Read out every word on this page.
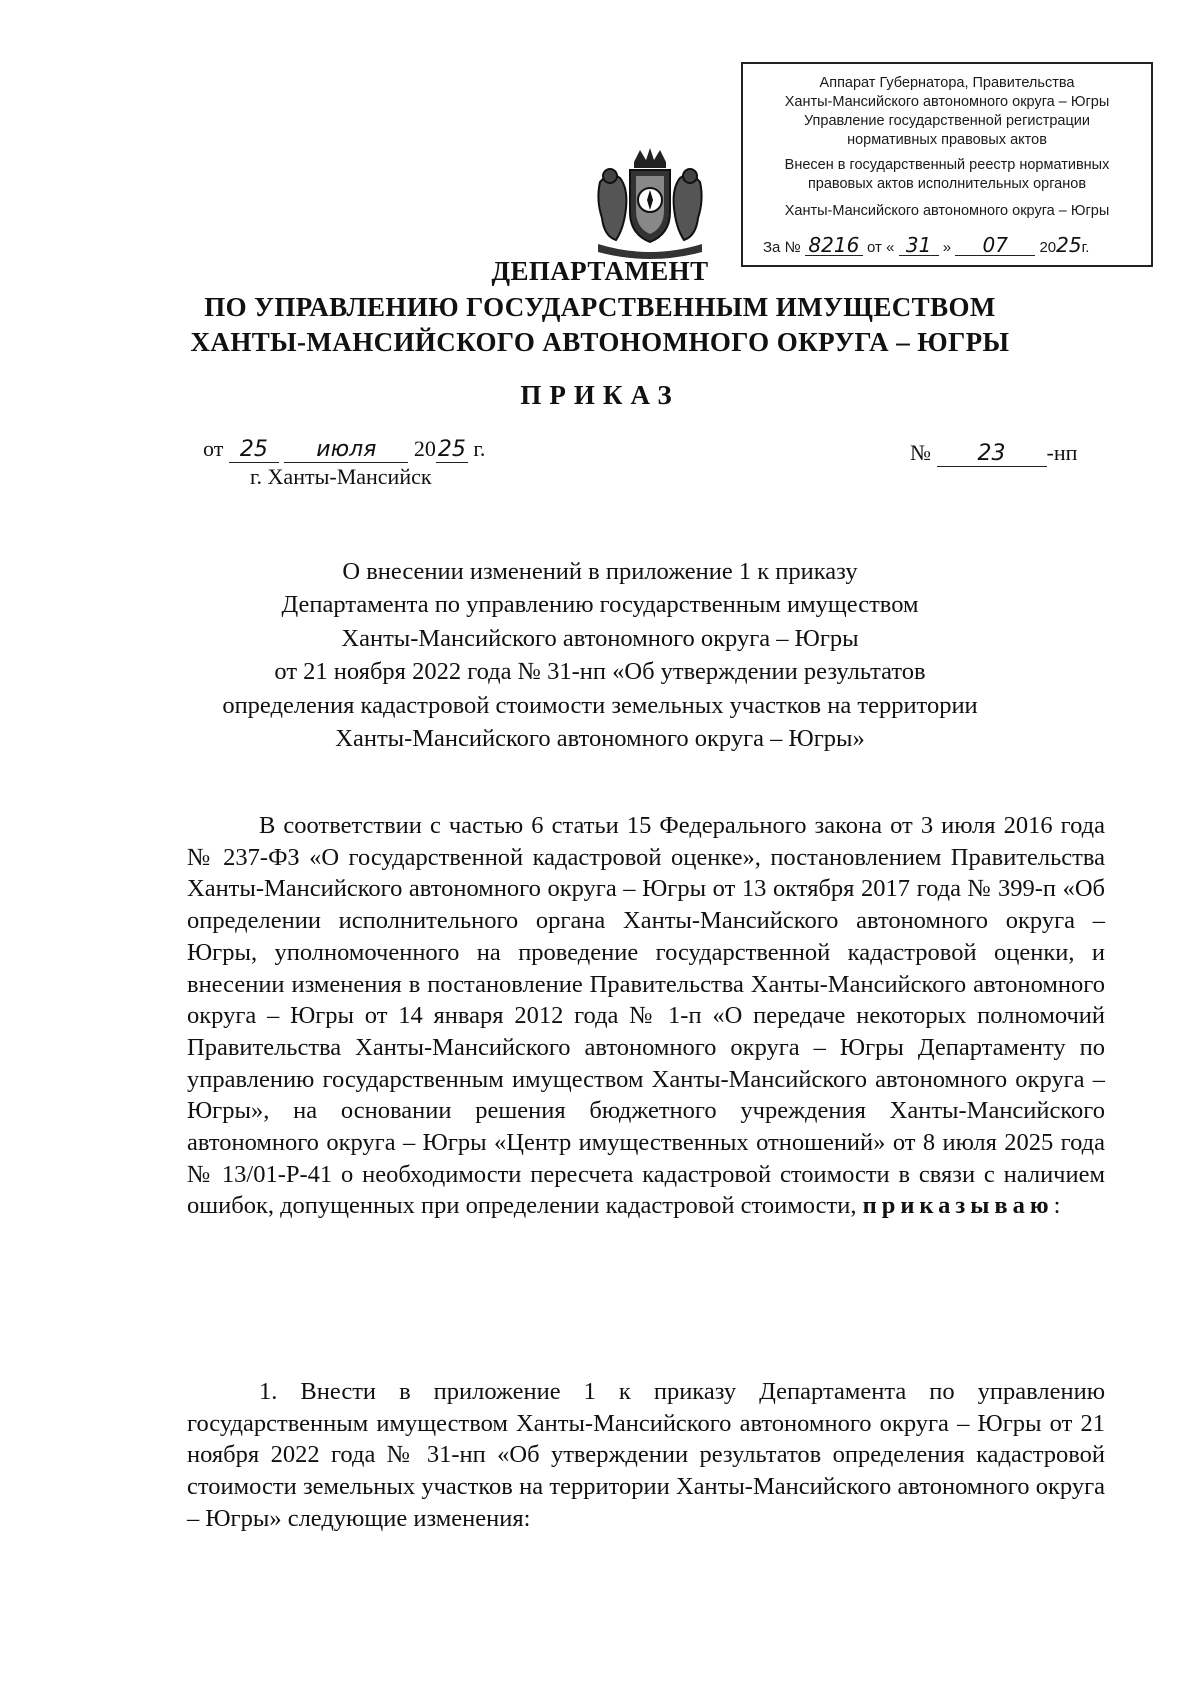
Аппарат Губернатора, Правительства
Ханты-Мансийского автономного округа – Югры
Управление государственной регистрации
нормативных правовых актов
Внесен в государственный реестр нормативных
правовых актов исполнительных органов
Ханты-Мансийского автономного округа – Югры
За № 8216 от « 31 » 07 2025г.
ДЕПАРТАМЕНТ
ПО УПРАВЛЕНИЮ ГОСУДАРСТВЕННЫМ ИМУЩЕСТВОМ
ХАНТЫ-МАНСИЙСКОГО АВТОНОМНОГО ОКРУГА – ЮГРЫ
ПРИКАЗ
от 25 июля 2025 г.
г. Ханты-Мансийск
№ 23 -нп
О внесении изменений в приложение 1 к приказу
Департамента по управлению государственным имуществом
Ханты-Мансийского автономного округа – Югры
от 21 ноября 2022 года № 31-нп «Об утверждении результатов
определения кадастровой стоимости земельных участков на территории
Ханты-Мансийского автономного округа – Югры»

В соответствии с частью 6 статьи 15 Федерального закона от 3 июля 2016 года № 237-ФЗ «О государственной кадастровой оценке», постановлением Правительства Ханты-Мансийского автономного округа – Югры от 13 октября 2017 года № 399-п «Об определении исполнительного органа Ханты-Мансийского автономного округа – Югры, уполномоченного на проведение государственной кадастровой оценки, и внесении изменения в постановление Правительства Ханты-Мансийского автономного округа – Югры от 14 января 2012 года № 1-п «О передаче некоторых полномочий Правительства Ханты-Мансийского автономного округа – Югры Департаменту по управлению государственным имуществом Ханты-Мансийского автономного округа – Югры», на основании решения бюджетного учреждения Ханты-Мансийского автономного округа – Югры «Центр имущественных отношений» от 8 июля 2025 года № 13/01-Р-41 о необходимости пересчета кадастровой стоимости в связи с наличием ошибок, допущенных при определении кадастровой стоимости, приказываю:

1. Внести в приложение 1 к приказу Департамента по управлению государственным имуществом Ханты-Мансийского автономного округа – Югры от 21 ноября 2022 года № 31-нп «Об утверждении результатов определения кадастровой стоимости земельных участков на территории Ханты-Мансийского автономного округа – Югры» следующие изменения:
